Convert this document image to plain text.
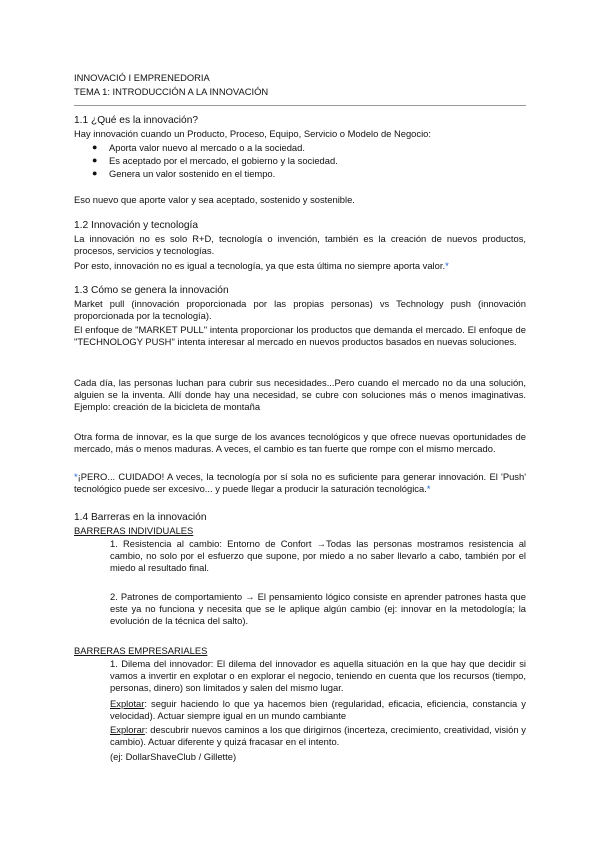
INNOVACIÓ I EMPRENEDORIA
TEMA 1: INTRODUCCIÓN A LA INNOVACIÓN
1.1 ¿Qué es la innovación?
Hay innovación cuando un Producto, Proceso, Equipo, Servicio o Modelo de Negocio:
● Aporta valor nuevo al mercado o a la sociedad.
● Es aceptado por el mercado, el gobierno y la sociedad.
● Genera un valor sostenido en el tiempo.
Eso nuevo que aporte valor y sea aceptado, sostenido y sostenible.
1.2 Innovación y tecnología
La innovación no es solo R+D, tecnología o invención, también es la creación de nuevos productos, procesos, servicios y tecnologías.
Por esto, innovación no es igual a tecnología, ya que esta última no siempre aporta valor.*
1.3 Cómo se genera la innovación
Market pull (innovación proporcionada por las propias personas) vs Technology push (innovación proporcionada por la tecnología).
El enfoque de "MARKET PULL" intenta proporcionar los productos que demanda el mercado. El enfoque de "TECHNOLOGY PUSH" intenta interesar al mercado en nuevos productos basados en nuevas soluciones.
Cada día, las personas luchan para cubrir sus necesidades...Pero cuando el mercado no da una solución, alguien se la inventa. Allí donde hay una necesidad, se cubre con soluciones más o menos imaginativas. Ejemplo: creación de la bicicleta de montaña
Otra forma de innovar, es la que surge de los avances tecnológicos y que ofrece nuevas oportunidades de mercado, más o menos maduras. A veces, el cambio es tan fuerte que rompe con el mismo mercado.
*¡PERO... CUIDADO! A veces, la tecnología por sí sola no es suficiente para generar innovación. El 'Push' tecnológico puede ser excesivo... y puede llegar a producir la saturación tecnológica.*
1.4 Barreras en la innovación
BARRERAS INDIVIDUALES
1. Resistencia al cambio: Entorno de Confort →Todas las personas mostramos resistencia al cambio, no solo por el esfuerzo que supone, por miedo a no saber llevarlo a cabo, también por el miedo al resultado final.
2. Patrones de comportamiento → El pensamiento lógico consiste en aprender patrones hasta que este ya no funciona y necesita que se le aplique algún cambio (ej: innovar en la metodología; la evolución de la técnica del salto).
BARRERAS EMPRESARIALES
1. Dilema del innovador: El dilema del innovador es aquella situación en la que hay que decidir si vamos a invertir en explotar o en explorar el negocio, teniendo en cuenta que los recursos (tiempo, personas, dinero) son limitados y salen del mismo lugar.
Explotar: seguir haciendo lo que ya hacemos bien (regularidad, eficacia, eficiencia, constancia y velocidad). Actuar siempre igual en un mundo cambiante
Explorar: descubrir nuevos caminos a los que dirigirnos (incerteza, crecimiento, creatividad, visión y cambio). Actuar diferente y quizá fracasar en el intento.
(ej: DollarShaveClub / Gillette)
